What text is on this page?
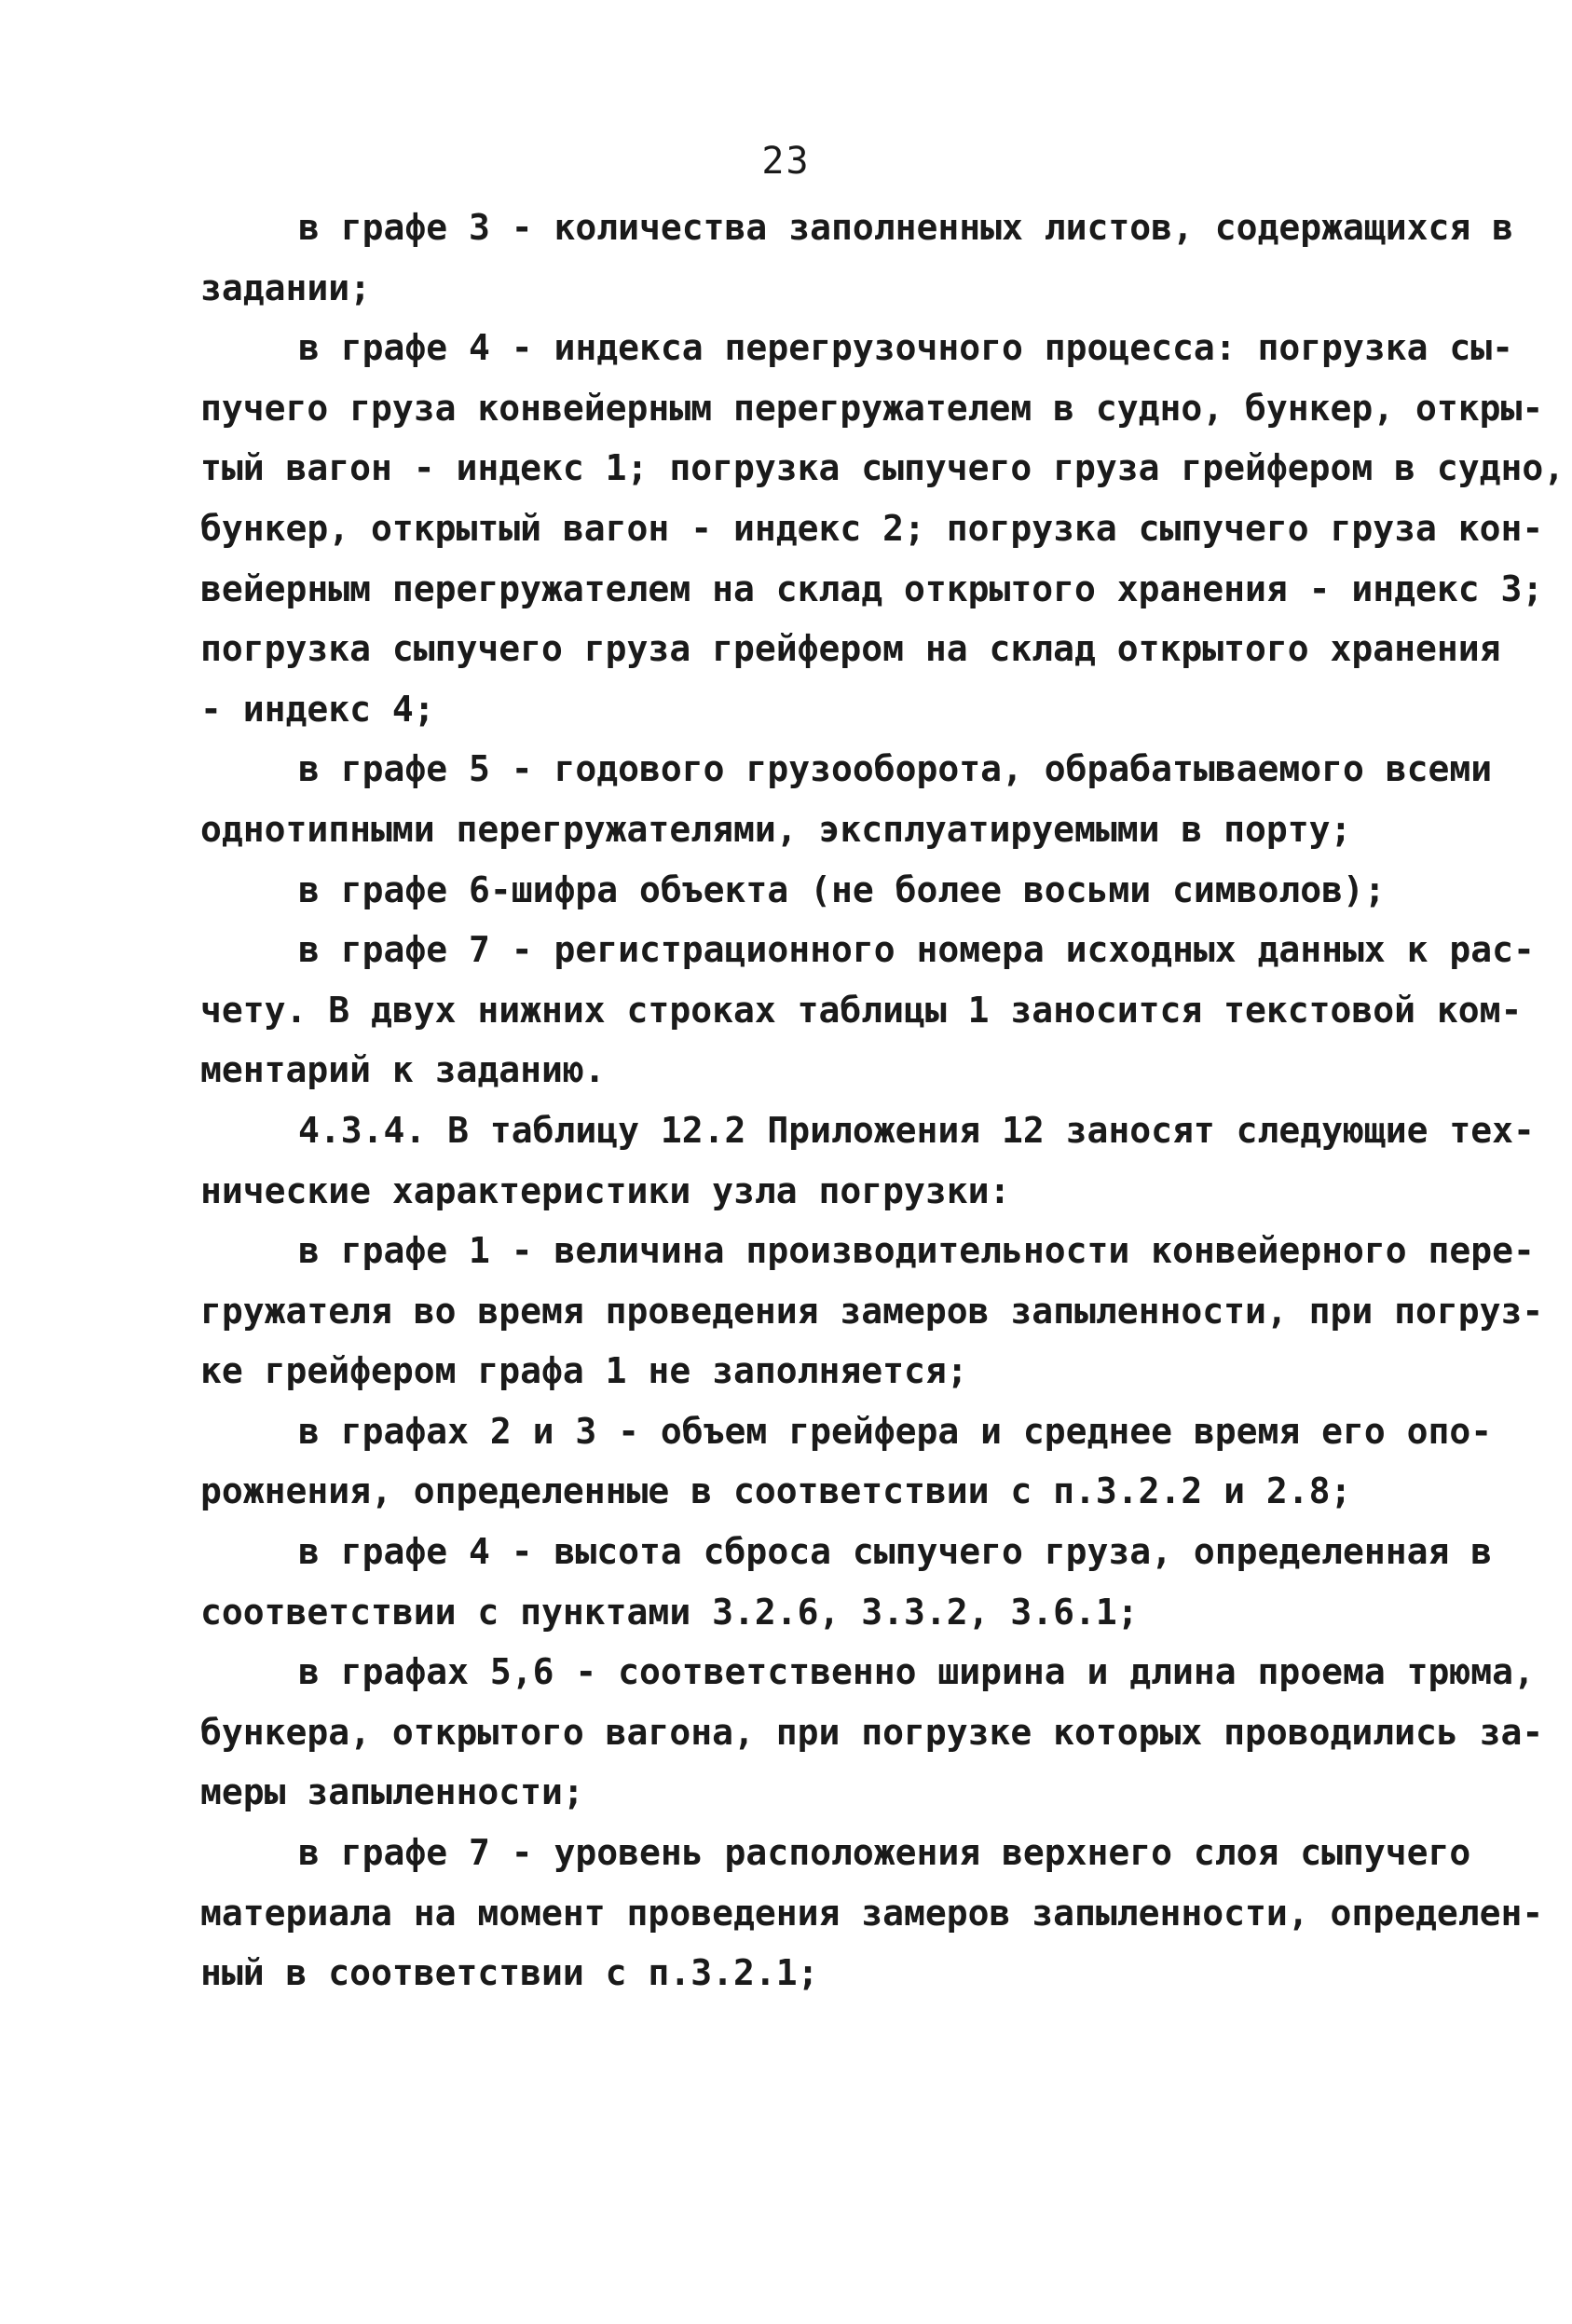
23
в графе 3 - количества заполненных листов, содержащихся в
задании;
в графе 4 - индекса перегрузочного процесса: погрузка сы-
пучего груза конвейерным перегружателем в судно, бункер, откры-
тый вагон - индекс 1; погрузка сыпучего груза грейфером в судно,
бункер, открытый вагон - индекс 2; погрузка сыпучего груза кон-
вейерным перегружателем на склад открытого хранения - индекс 3;
погрузка сыпучего груза грейфером на склад открытого хранения
- индекс 4;
в графе 5 - годового грузооборота, обрабатываемого всеми
однотипными перегружателями, эксплуатируемыми в порту;
в графе 6-шифра объекта (не более восьми символов);
в графе 7 - регистрационного номера исходных данных к рас-
чету. В двух нижних строках таблицы 1 заносится текстовой ком-
ментарий к заданию.
4.3.4. В таблицу 12.2 Приложения 12 заносят следующие тех-
нические характеристики узла погрузки:
в графе 1 - величина производительности конвейерного пере-
гружателя во время проведения замеров запыленности, при погруз-
ке грейфером графа 1 не заполняется;
в графах 2 и 3 - объем грейфера и среднее время его опо-
рожнения, определенные в соответствии с п.3.2.2 и 2.8;
в графе 4 - высота сброса сыпучего груза, определенная в
соответствии с пунктами 3.2.6, 3.3.2, 3.6.1;
в графах 5,6 - соответственно ширина и длина проема трюма,
бункера, открытого вагона, при погрузке которых проводились за-
меры запыленности;
в графе 7 - уровень расположения верхнего слоя сыпучего
материала на момент проведения замеров запыленности, определен-
ный в соответствии с п.3.2.1;
